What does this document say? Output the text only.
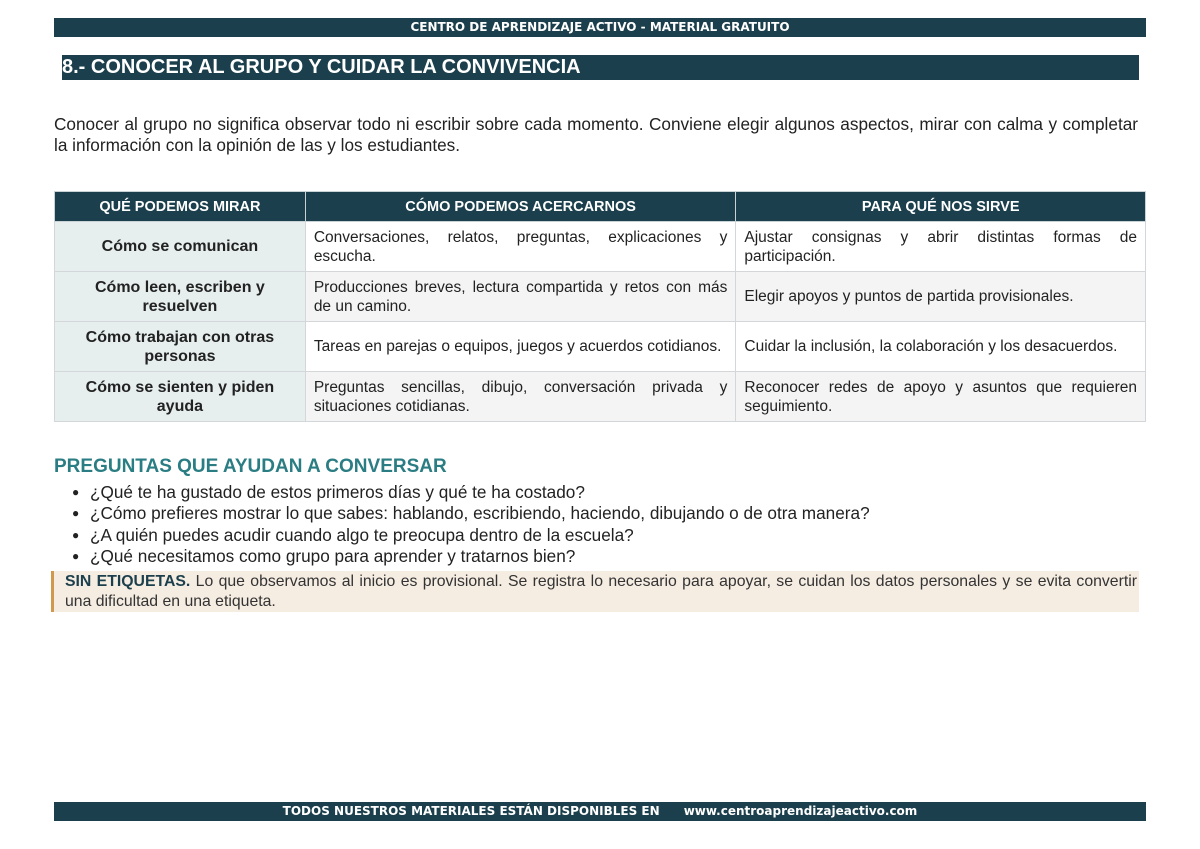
CENTRO DE APRENDIZAJE ACTIVO - MATERIAL GRATUITO
8.- CONOCER AL GRUPO Y CUIDAR LA CONVIVENCIA

Conocer al grupo no significa observar todo ni escribir sobre cada momento. Conviene elegir algunos aspectos, mirar con calma y completar la información con la opinión de las y los estudiantes.

QUÉ PODEMOS MIRAR	CÓMO PODEMOS ACERCARNOS	PARA QUÉ NOS SIRVE
Cómo se comunican	Conversaciones, relatos, preguntas, explicaciones y escucha.	Ajustar consignas y abrir distintas formas de participación.
Cómo leen, escriben y resuelven	Producciones breves, lectura compartida y retos con más de un camino.	Elegir apoyos y puntos de partida provisionales.
Cómo trabajan con otras personas	Tareas en parejas o equipos, juegos y acuerdos cotidianos.	Cuidar la inclusión, la colaboración y los desacuerdos.
Cómo se sienten y piden ayuda	Preguntas sencillas, dibujo, conversación privada y situaciones cotidianas.	Reconocer redes de apoyo y asuntos que requieren seguimiento.
PREGUNTAS QUE AYUDAN A CONVERSAR
● ¿Qué te ha gustado de estos primeros días y qué te ha costado?
● ¿Cómo prefieres mostrar lo que sabes: hablando, escribiendo, haciendo, dibujando o de otra manera?
● ¿A quién puedes acudir cuando algo te preocupa dentro de la escuela?
● ¿Qué necesitamos como grupo para aprender y tratarnos bien?
SIN ETIQUETAS. Lo que observamos al inicio es provisional. Se registra lo necesario para apoyar, se cuidan los datos personales y se evita convertir una dificultad en una etiqueta.
TODOS NUESTROS MATERIALES ESTÁN DISPONIBLES EN www.centroaprendizajeactivo.com
